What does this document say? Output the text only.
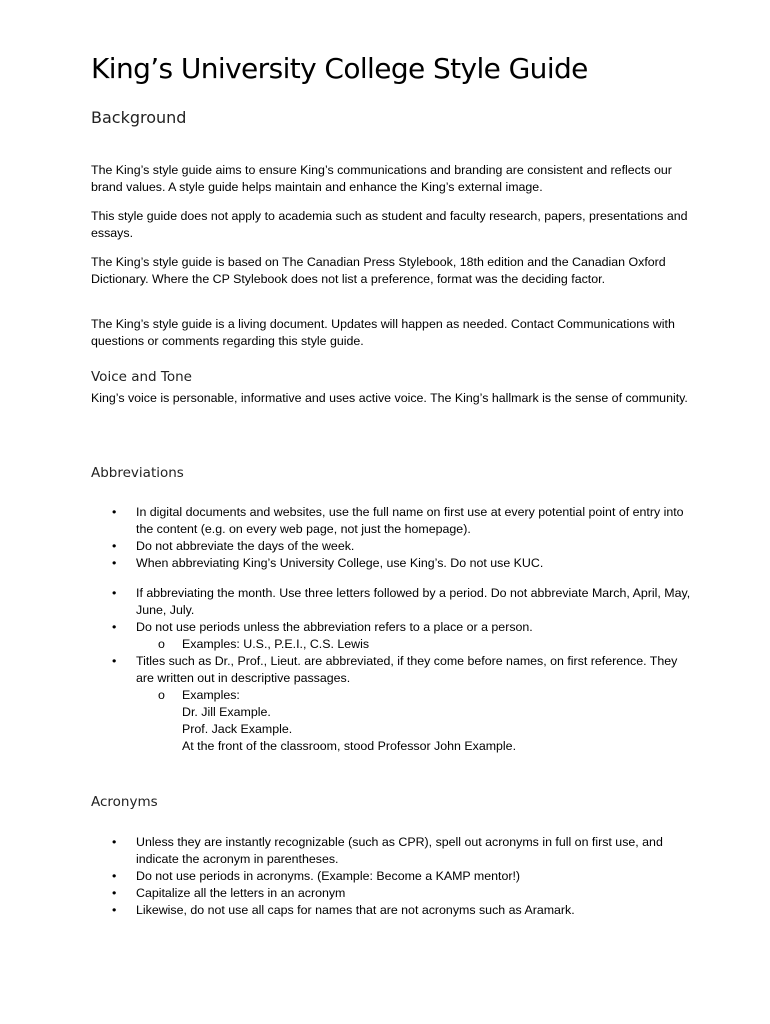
King’s University College Style Guide
Background

The King’s style guide aims to ensure King’s communications and branding are consistent and reflects our brand values. A style guide helps maintain and enhance the King’s external image.

This style guide does not apply to academia such as student and faculty research, papers, presentations and essays.

The King’s style guide is based on The Canadian Press Stylebook, 18th edition and the Canadian Oxford Dictionary. Where the CP Stylebook does not list a preference, format was the deciding factor.

The King’s style guide is a living document. Updates will happen as needed. Contact Communications with questions or comments regarding this style guide.

Voice and Tone

King’s voice is personable, informative and uses active voice. The King’s hallmark is the sense of community.

Abbreviations
• In digital documents and websites, use the full name on first use at every potential point of entry into the content (e.g. on every web page, not just the homepage).
• Do not abbreviate the days of the week.
• When abbreviating King’s University College, use King’s. Do not use KUC.
• If abbreviating the month. Use three letters followed by a period. Do not abbreviate March, April, May, June, July.
• Do not use periods unless the abbreviation refers to a place or a person.
o Examples: U.S., P.E.I., C.S. Lewis
• Titles such as Dr., Prof., Lieut. are abbreviated, if they come before names, on first reference. They are written out in descriptive passages.
o Examples:
Dr. Jill Example.
Prof. Jack Example.
At the front of the classroom, stood Professor John Example.
Acronyms
• Unless they are instantly recognizable (such as CPR), spell out acronyms in full on first use, and indicate the acronym in parentheses.
• Do not use periods in acronyms. (Example: Become a KAMP mentor!)
• Capitalize all the letters in an acronym
• Likewise, do not use all caps for names that are not acronyms such as Aramark.
